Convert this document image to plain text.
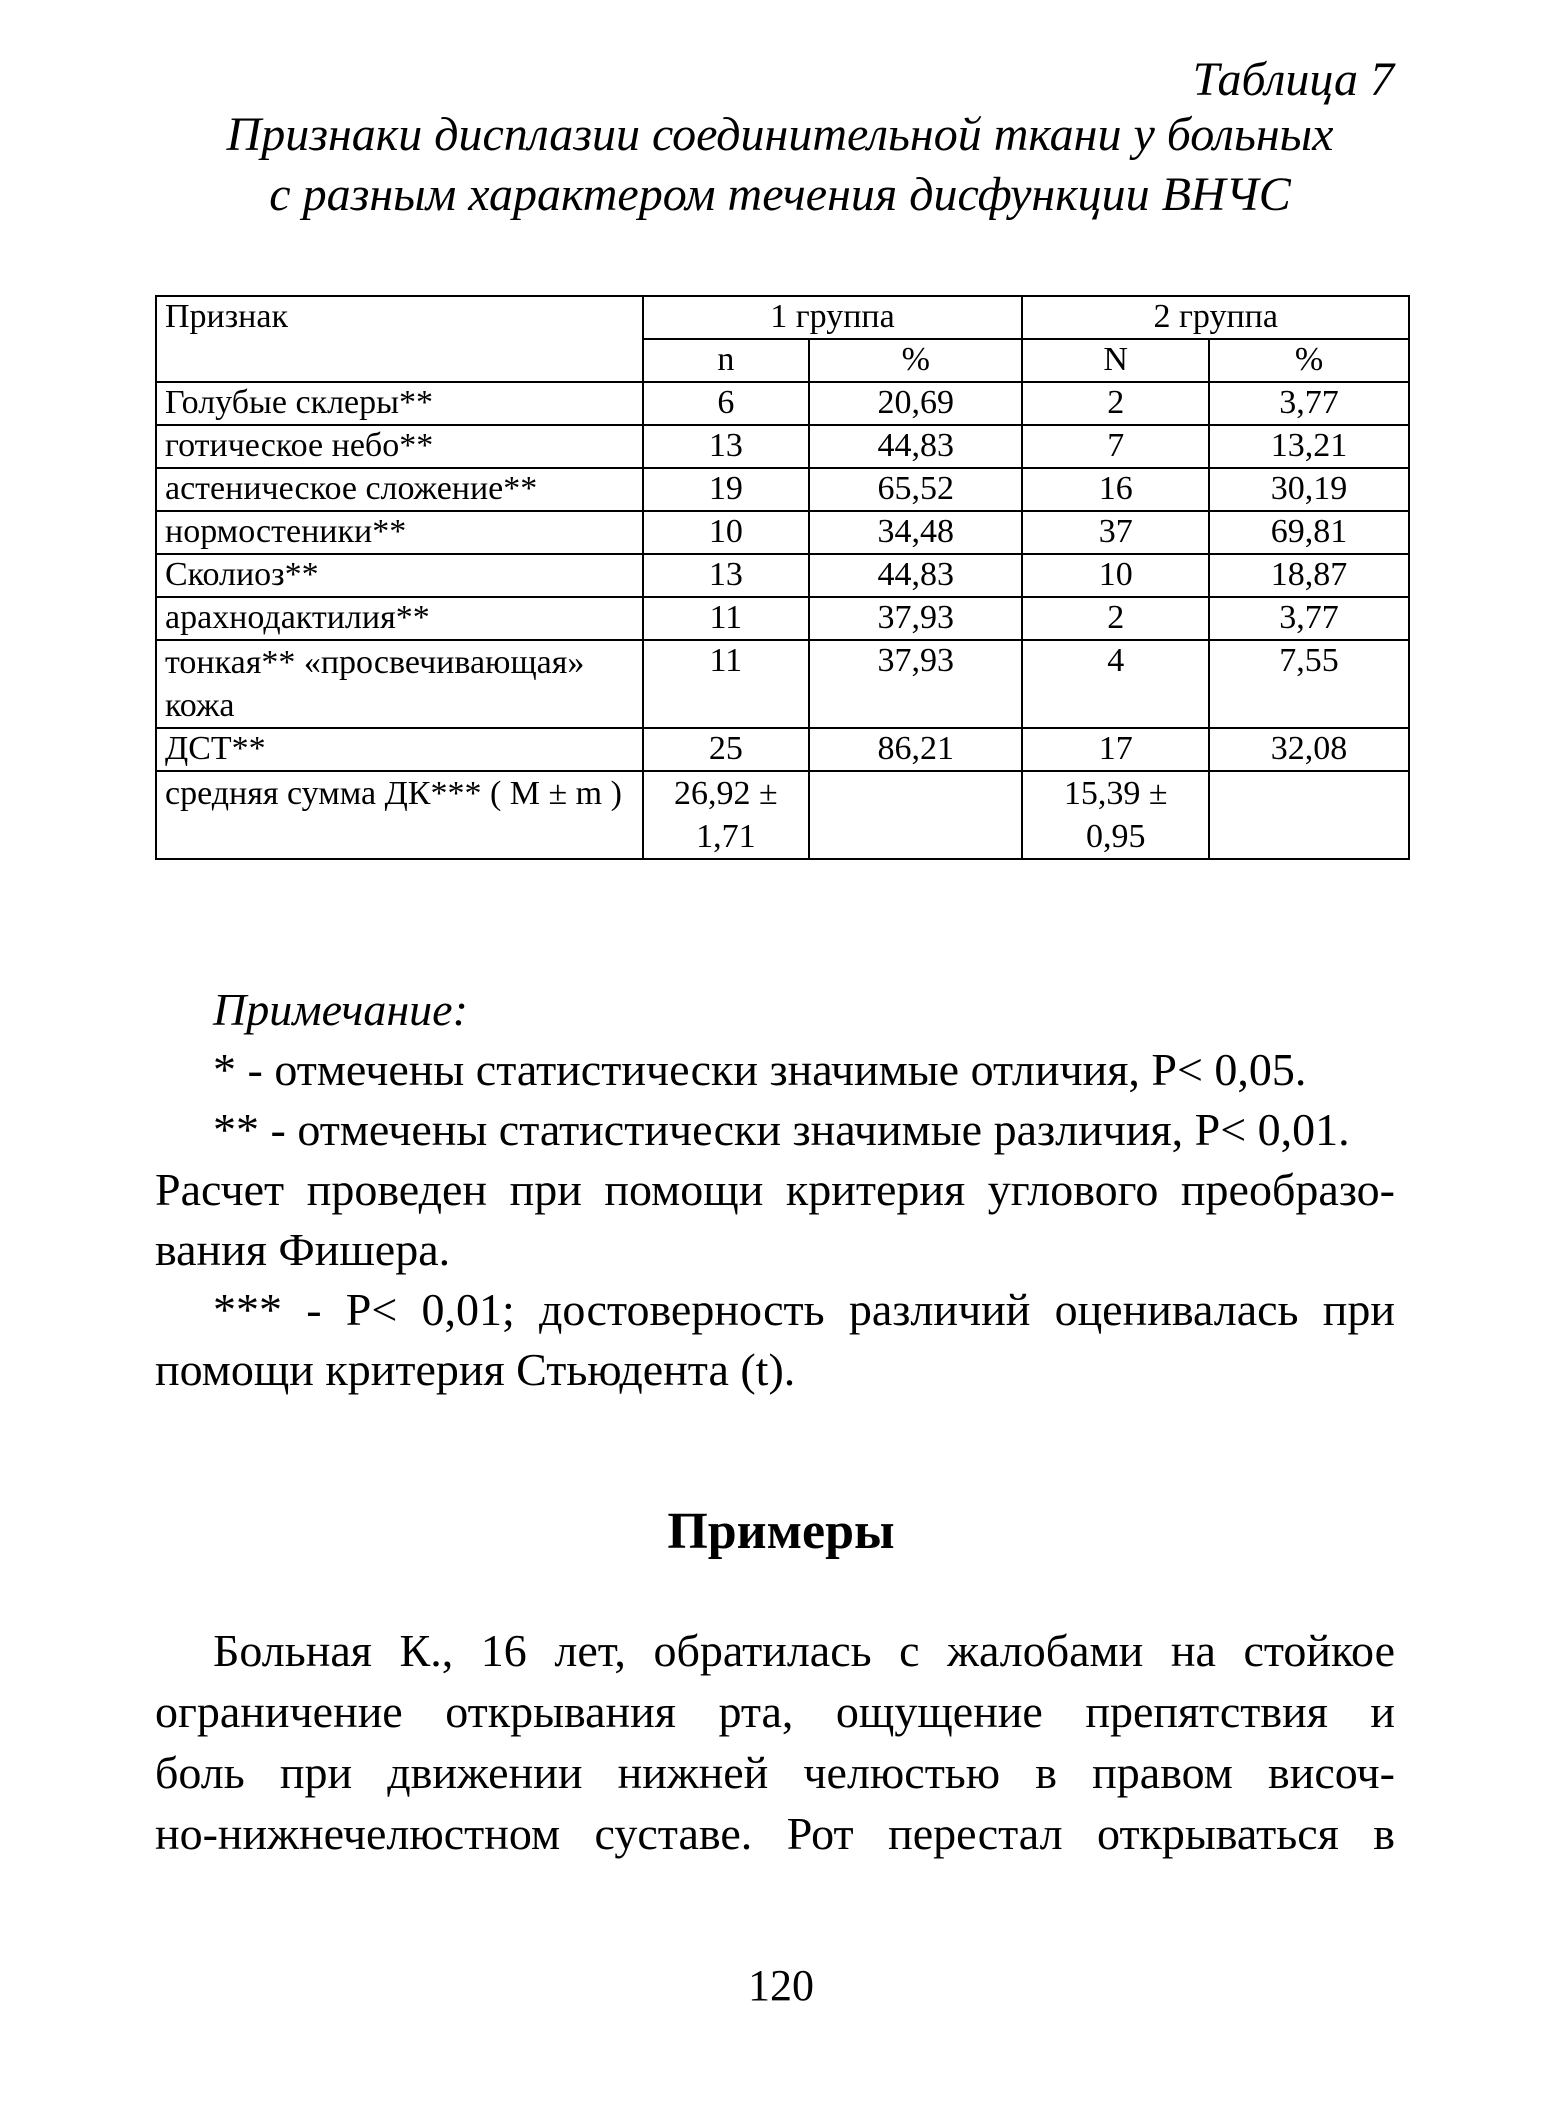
Таблица 7
Признаки дисплазии соединительной ткани у больных
с разным характером течения дисфункции ВНЧС
Признак	1 группа		2 группа	
	n	%	N	%
Голубые склеры**	6	20,69	2	3,77
готическое небо**	13	44,83	7	13,21
астеническое сложение**	19	65,52	16	30,19
нормостеники**	10	34,48	37	69,81
Сколиоз**	13	44,83	10	18,87
арахнодактилия**	11	37,93	2	3,77
тонкая** «просвечивающая» кожа	11	37,93	4	7,55
ДСТ**	25	86,21	17	32,08
средняя сумма ДК*** ( M ± m )	26,92 ± 1,71		15,39 ± 0,95	
Примечание:
* - отмечены статистически значимые отличия, P< 0,05.
** - отмечены статистически значимые различия, P< 0,01.
Расчет проведен при помощи критерия углового преобразо-
вания Фишера.
*** - P< 0,01; достоверность различий оценивалась при
помощи критерия Стьюдента (t).
Примеры
Больная К., 16 лет, обратилась с жалобами на стойкое
ограничение открывания рта, ощущение препятствия и
боль при движении нижней челюстью в правом височ-
но-нижнечелюстном суставе. Рот перестал открываться в
120
